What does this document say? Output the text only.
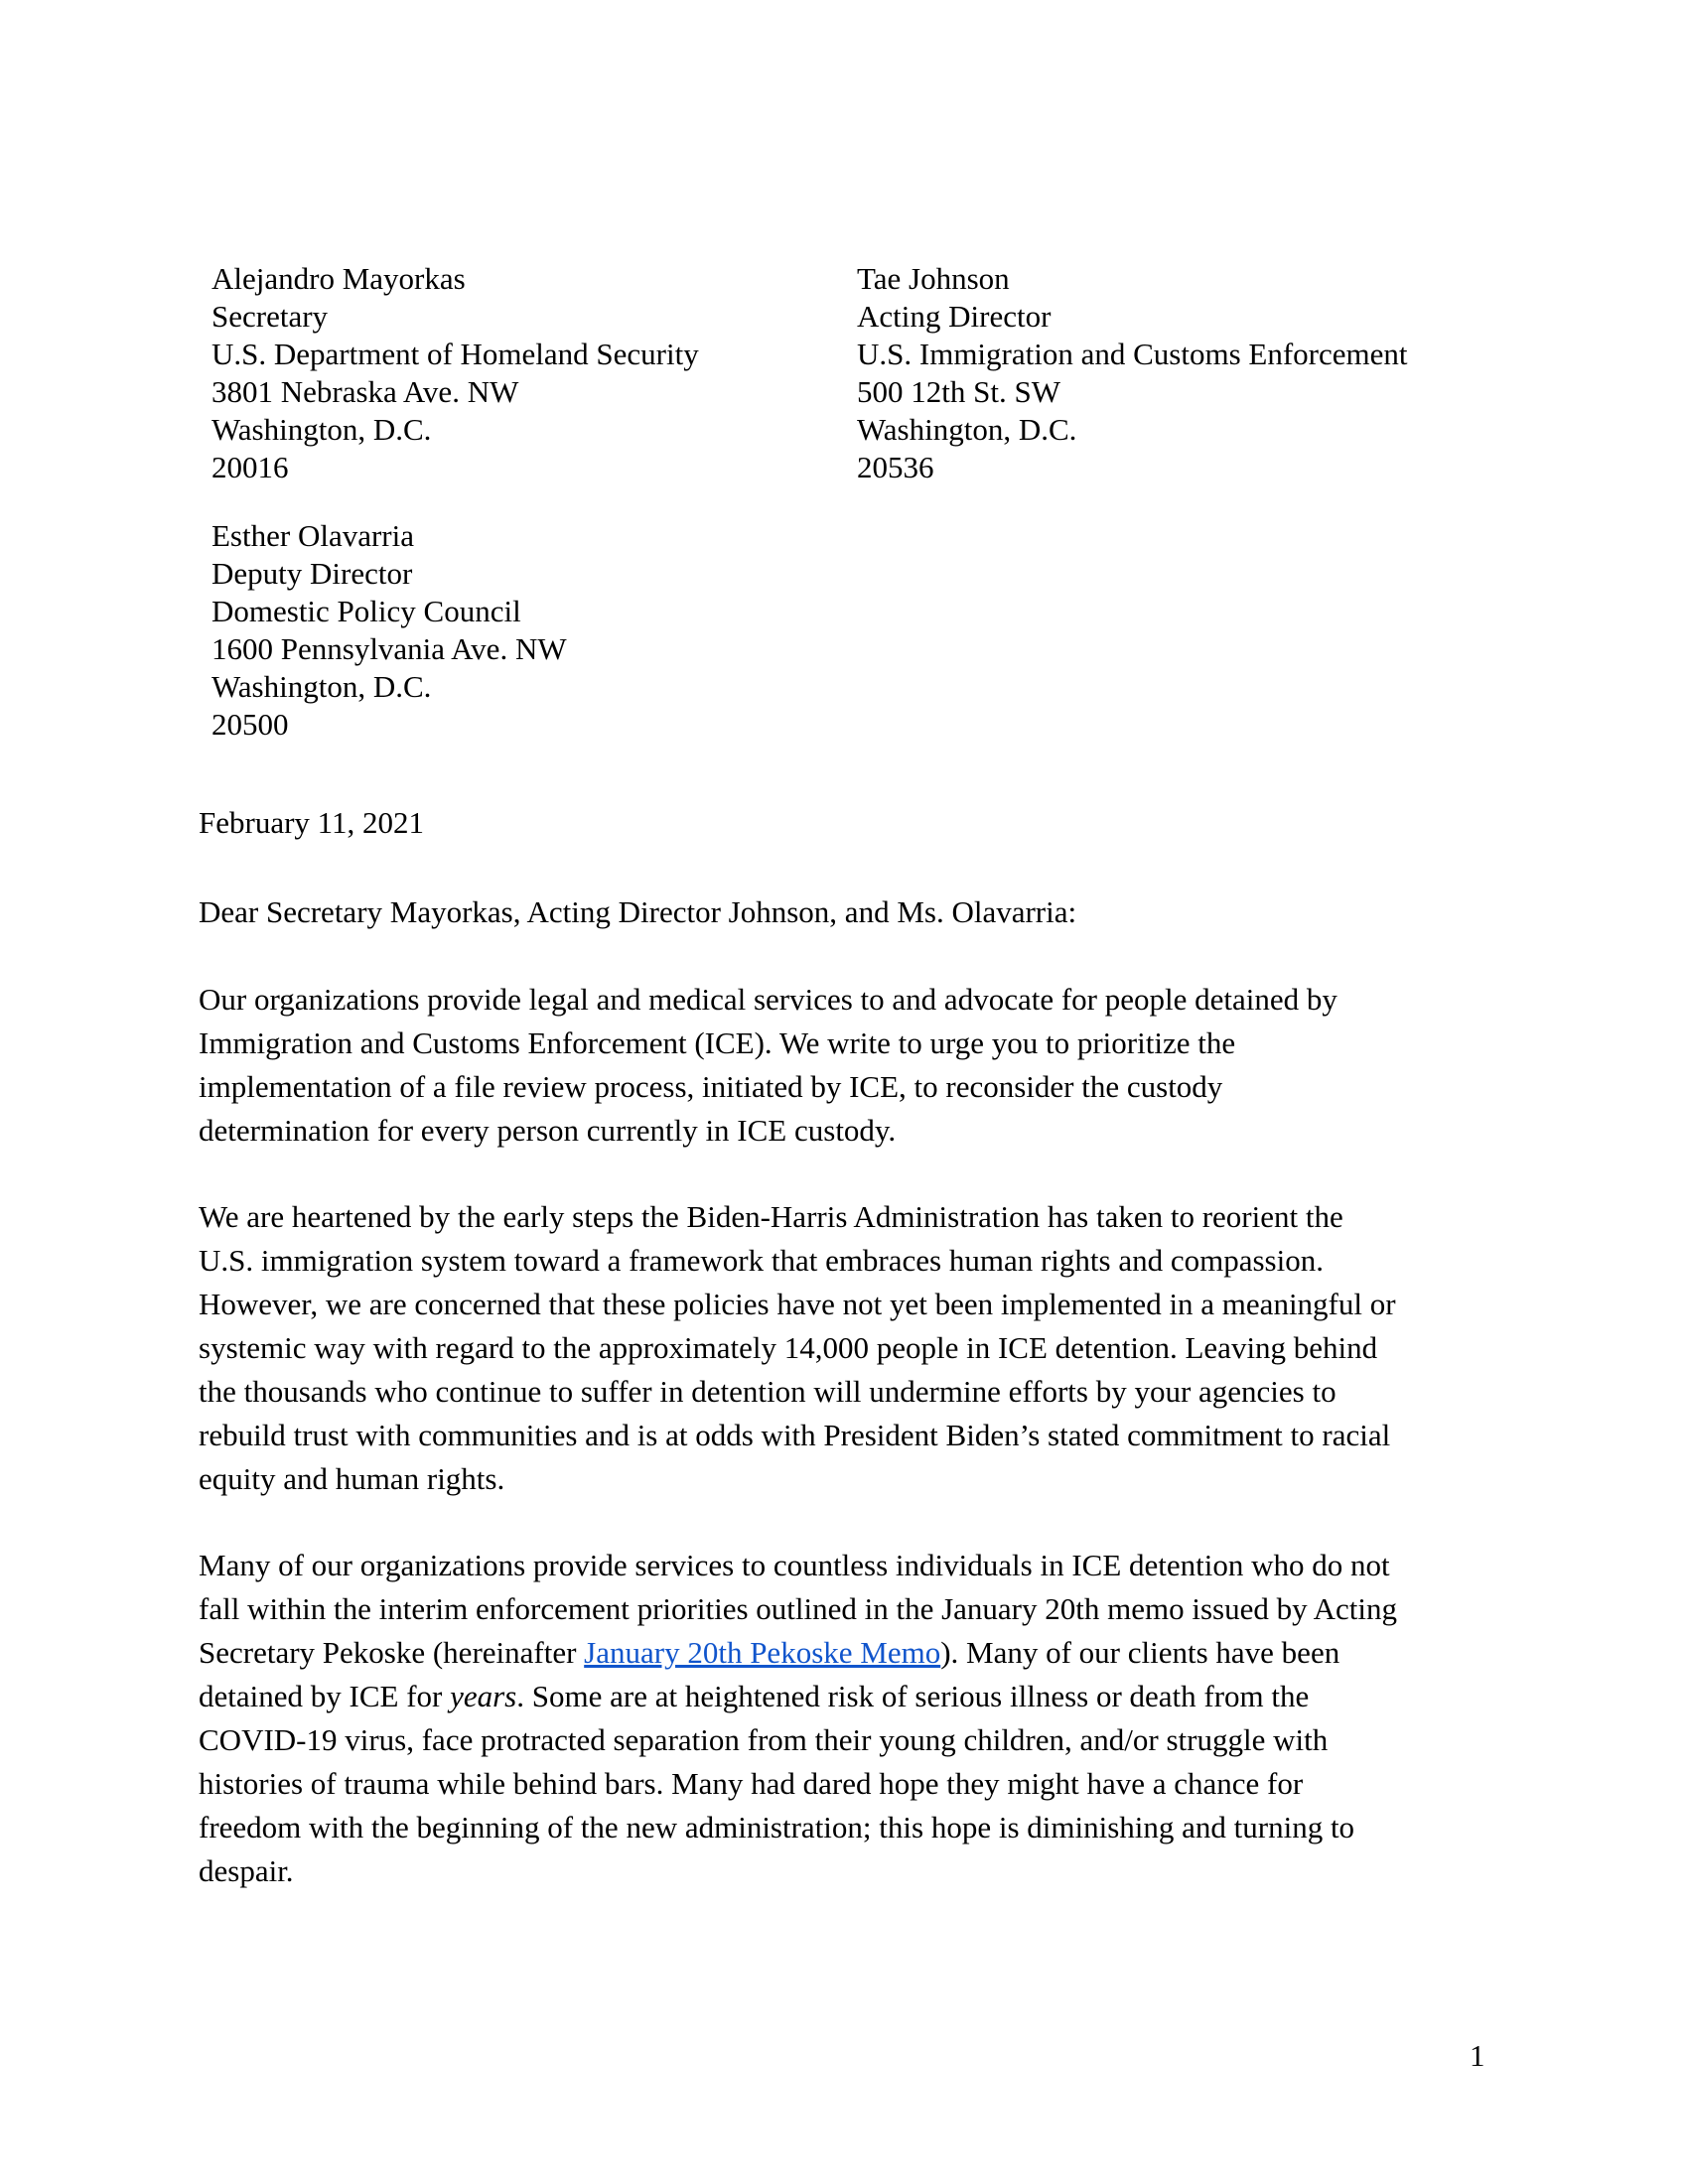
Alejandro Mayorkas
Secretary
U.S. Department of Homeland Security
3801 Nebraska Ave. NW
Washington, D.C.
20016
Tae Johnson
Acting Director
U.S. Immigration and Customs Enforcement
500 12th St. SW
Washington, D.C.
20536
Esther Olavarria
Deputy Director
Domestic Policy Council
1600 Pennsylvania Ave. NW
Washington, D.C.
20500
February 11, 2021
Dear Secretary Mayorkas, Acting Director Johnson, and Ms. Olavarria:
Our organizations provide legal and medical services to and advocate for people detained by
Immigration and Customs Enforcement (ICE). We write to urge you to prioritize the
implementation of a file review process, initiated by ICE, to reconsider the custody
determination for every person currently in ICE custody.
We are heartened by the early steps the Biden-Harris Administration has taken to reorient the
U.S. immigration system toward a framework that embraces human rights and compassion.
However, we are concerned that these policies have not yet been implemented in a meaningful or
systemic way with regard to the approximately 14,000 people in ICE detention. Leaving behind
the thousands who continue to suffer in detention will undermine efforts by your agencies to
rebuild trust with communities and is at odds with President Biden’s stated commitment to racial
equity and human rights.
Many of our organizations provide services to countless individuals in ICE detention who do not
fall within the interim enforcement priorities outlined in the January 20th memo issued by Acting
Secretary Pekoske (hereinafter January 20th Pekoske Memo). Many of our clients have been
detained by ICE for years. Some are at heightened risk of serious illness or death from the
COVID-19 virus, face protracted separation from their young children, and/or struggle with
histories of trauma while behind bars. Many had dared hope they might have a chance for
freedom with the beginning of the new administration; this hope is diminishing and turning to
despair.
1
